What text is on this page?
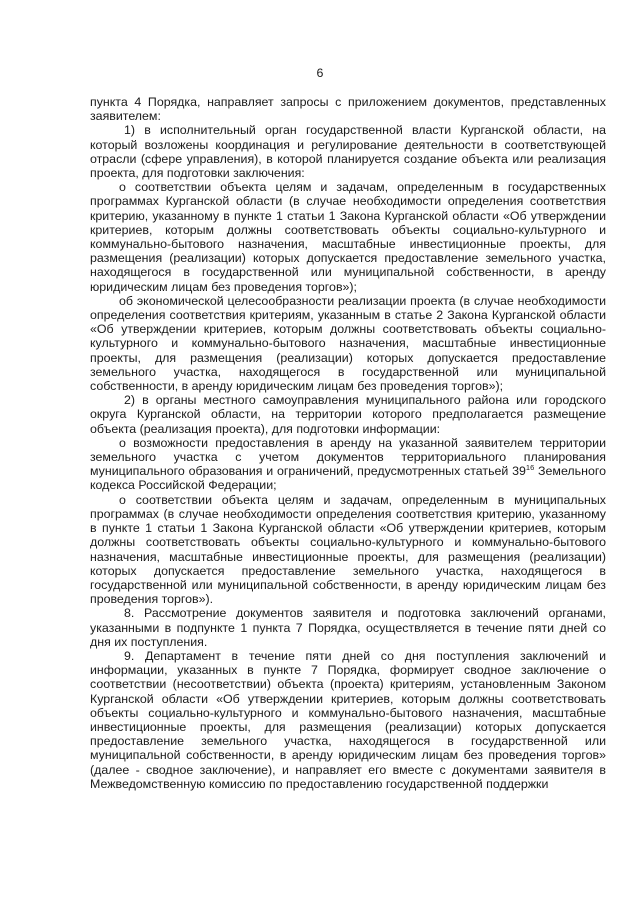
6

пункта 4 Порядка, направляет запросы с приложением документов, представленных заявителем:

1) в исполнительный орган государственной власти Курганской области, на который возложены координация и регулирование деятельности в соответствующей отрасли (сфере управления), в которой планируется создание объекта или реализация проекта, для подготовки заключения:

о соответствии объекта целям и задачам, определенным в государственных программах Курганской области (в случае необходимости определения соответствия критерию, указанному в пункте 1 статьи 1 Закона Курганской области «Об утверждении критериев, которым должны соответствовать объекты социально-культурного и коммунально-бытового назначения, масштабные инвестиционные проекты, для размещения (реализации) которых допускается предоставление земельного участка, находящегося в государственной или муниципальной собственности, в аренду юридическим лицам без проведения торгов»);

об экономической целесообразности реализации проекта (в случае необходимости определения соответствия критериям, указанным в статье 2 Закона Курганской области «Об утверждении критериев, которым должны соответствовать объекты социально-культурного и коммунально-бытового назначения, масштабные инвестиционные проекты, для размещения (реализации) которых допускается предоставление земельного участка, находящегося в государственной или муниципальной собственности, в аренду юридическим лицам без проведения торгов»);

2) в органы местного самоуправления муниципального района или городского округа Курганской области, на территории которого предполагается размещение объекта (реализация проекта), для подготовки информации:

о возможности предоставления в аренду на указанной заявителем территории земельного участка с учетом документов территориального планирования муниципального образования и ограничений, предусмотренных статьей $39^{16}$ Земельного кодекса Российской Федерации;

о соответствии объекта целям и задачам, определенным в муниципальных программах (в случае необходимости определения соответствия критерию, указанному в пункте 1 статьи 1 Закона Курганской области «Об утверждении критериев, которым должны соответствовать объекты социально-культурного и коммунально-бытового назначения, масштабные инвестиционные проекты, для размещения (реализации) которых допускается предоставление земельного участка, находящегося в государственной или муниципальной собственности, в аренду юридическим лицам без проведения торгов»).

8. Рассмотрение документов заявителя и подготовка заключений органами, указанными в подпункте 1 пункта 7 Порядка, осуществляется в течение пяти дней со дня их поступления.

9. Департамент в течение пяти дней со дня поступления заключений и информации, указанных в пункте 7 Порядка, формирует сводное заключение о соответствии (несоответствии) объекта (проекта) критериям, установленным Законом Курганской области «Об утверждении критериев, которым должны соответствовать объекты социально-культурного и коммунально-бытового назначения, масштабные инвестиционные проекты, для размещения (реализации) которых допускается предоставление земельного участка, находящегося в государственной или муниципальной собственности, в аренду юридическим лицам без проведения торгов» (далее - сводное заключение), и направляет его вместе с документами заявителя в Межведомственную комиссию по предоставлению государственной поддержки
